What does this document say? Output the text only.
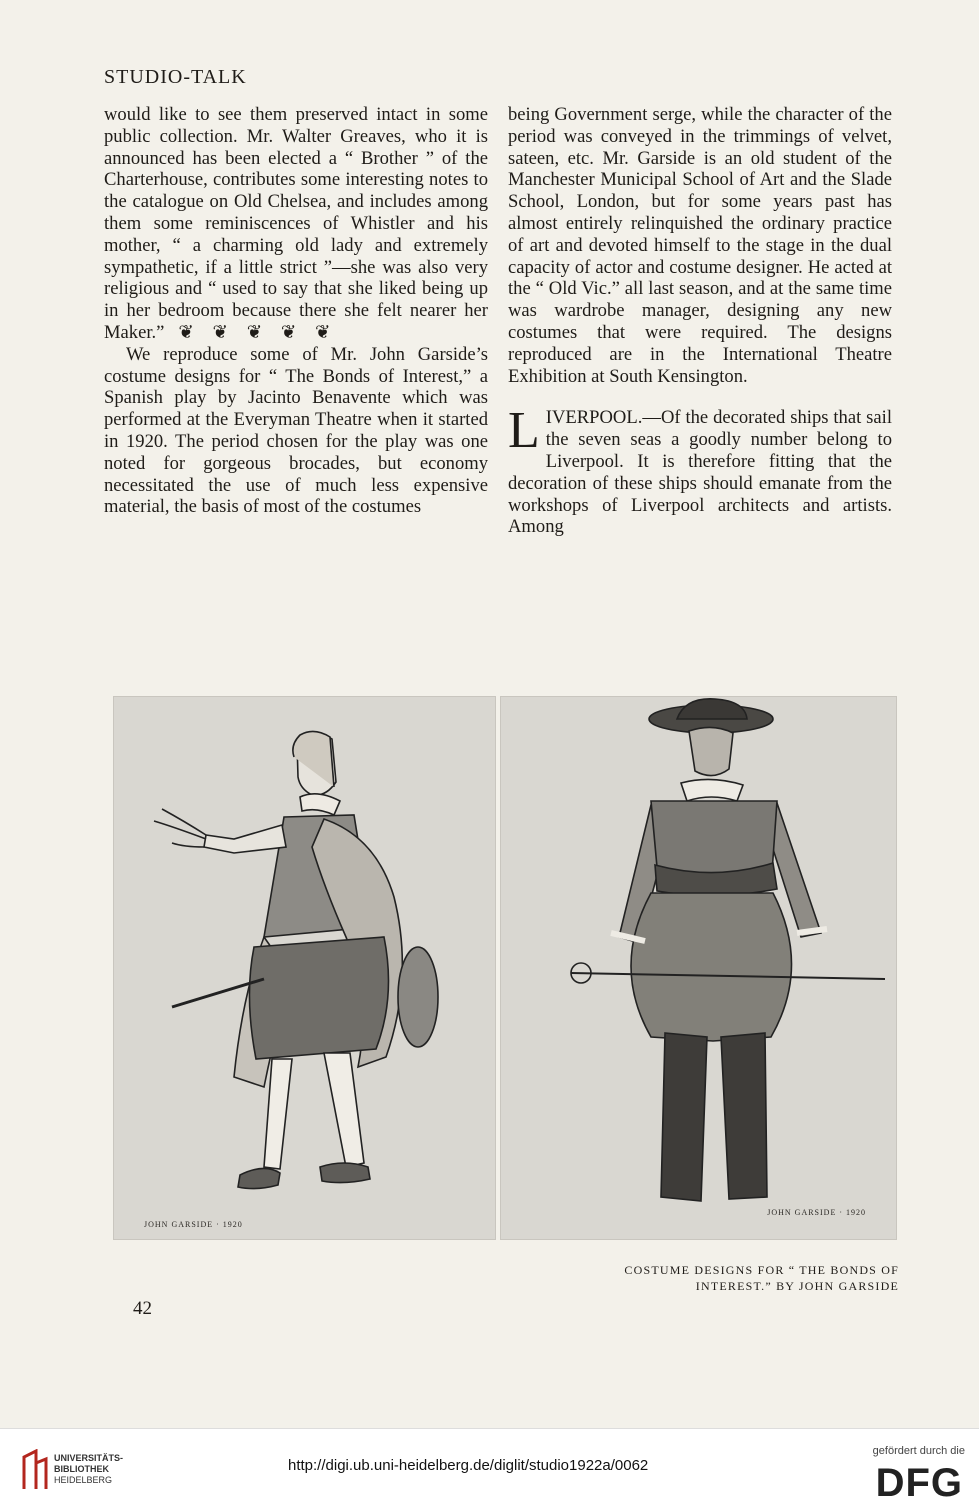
STUDIO-TALK

would like to see them preserved intact in some public collection. Mr. Walter Greaves, who it is announced has been elected a “ Brother ” of the Charterhouse, contributes some interesting notes to the catalogue on Old Chelsea, and includes among them some reminiscences of Whistler and his mother, “ a charming old lady and extremely sympathetic, if a little strict ”—she was also very religious and “ used to say that she liked being up in her bedroom because there she felt nearer her Maker.”   ❦    ❦    ❦    ❦    ❦

We reproduce some of Mr. John Garside’s costume designs for “ The Bonds of Interest,” a Spanish play by Jacinto Benavente which was performed at the Everyman Theatre when it started in 1920. The period chosen for the play was one noted for gorgeous brocades, but economy necessitated the use of much less expensive material, the basis of most of the costumes

being Government serge, while the character of the period was conveyed in the trimmings of velvet, sateen, etc. Mr. Garside is an old student of the Manchester Municipal School of Art and the Slade School, London, but for some years past has almost entirely relinquished the ordinary practice of art and devoted himself to the stage in the dual capacity of actor and costume designer. He acted at the “ Old Vic.” all last season, and at the same time was wardrobe manager, designing any new costumes that were required. The designs reproduced are in the International Theatre Exhibition at South Kensington.

LIVERPOOL.—Of the decorated ships that sail the seven seas a goodly number belong to Liverpool. It is therefore fitting that the decoration of these ships should emanate from the workshops of Liverpool architects and artists. Among

JOHN GARSIDE · 1920
JOHN GARSIDE · 1920
COSTUME DESIGNS FOR “ THE BONDS OF INTEREST.” BY JOHN GARSIDE
42
UNIVERSITÄTS-
BIBLIOTHEK
HEIDELBERG
http://digi.ub.uni-heidelberg.de/diglit/studio1922a/0062
gefördert durch die
DFG
